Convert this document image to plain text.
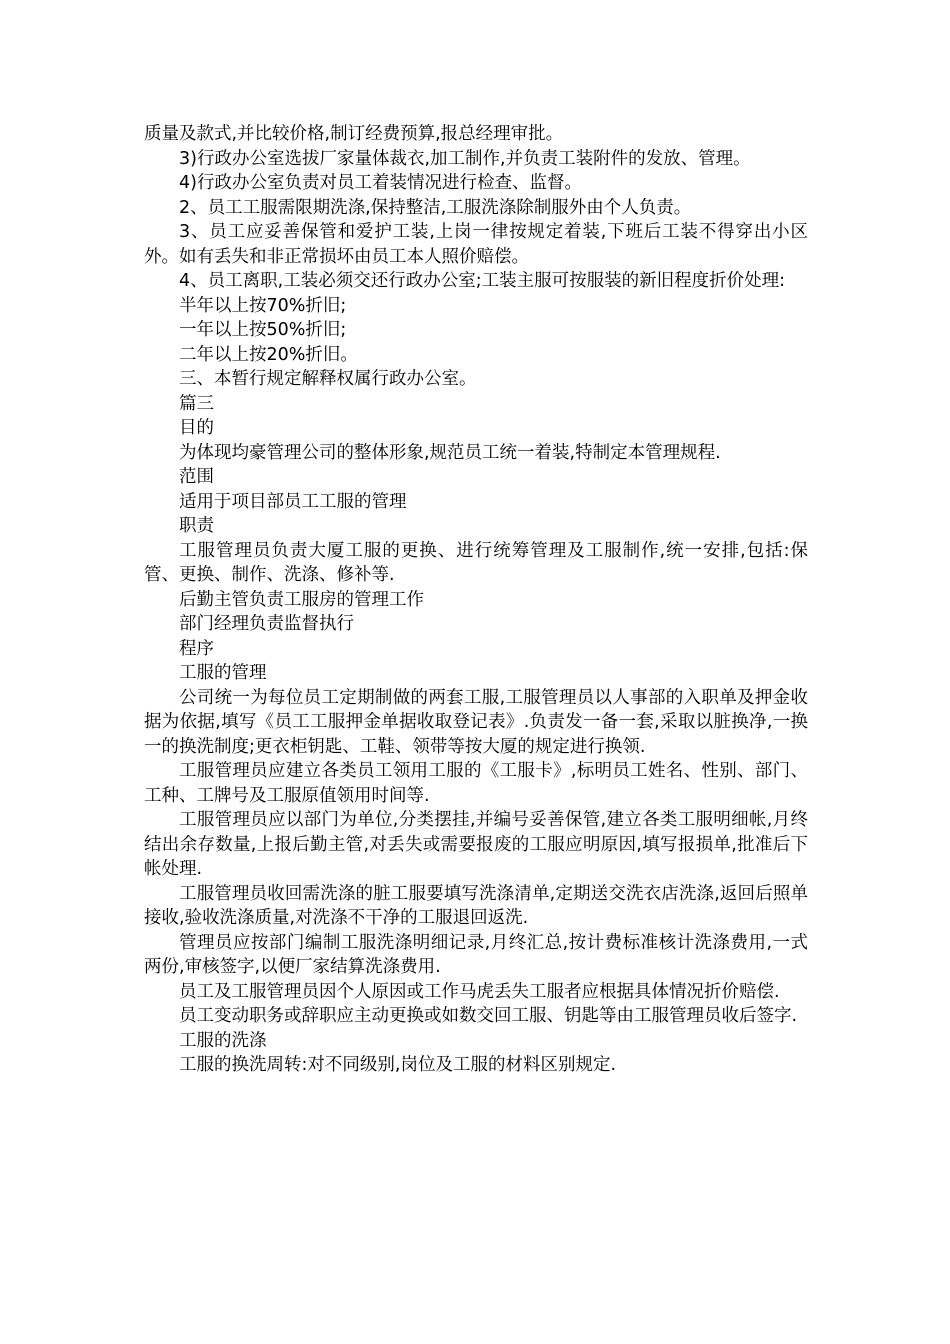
质量及款式,并比较价格,制订经费预算,报总经理审批。

3)行政办公室选拔厂家量体裁衣,加工制作,并负责工装附件的发放、管理。

4)行政办公室负责对员工着装情况进行检查、监督。

2、员工工服需限期洗涤,保持整洁,工服洗涤除制服外由个人负责。

3、员工应妥善保管和爱护工装,上岗一律按规定着装,下班后工装不得穿出小区外。如有丢失和非正常损坏由员工本人照价赔偿。

4、员工离职,工装必须交还行政办公室;工装主服可按服装的新旧程度折价处理:

半年以上按70%折旧;

一年以上按50%折旧;

二年以上按20%折旧。

三、本暂行规定解释权属行政办公室。

篇三

目的

为体现均豪管理公司的整体形象,规范员工统一着装,特制定本管理规程.

范围

适用于项目部员工工服的管理

职责

工服管理员负责大厦工服的更换、进行统筹管理及工服制作,统一安排,包括:保管、更换、制作、洗涤、修补等.

后勤主管负责工服房的管理工作

部门经理负责监督执行

程序

工服的管理

公司统一为每位员工定期制做的两套工服,工服管理员以人事部的入职单及押金收据为依据,填写《员工工服押金单据收取登记表》.负责发一备一套,采取以脏换净,一换一的换洗制度;更衣柜钥匙、工鞋、领带等按大厦的规定进行换领.

工服管理员应建立各类员工领用工服的《工服卡》,标明员工姓名、性别、部门、工种、工牌号及工服原值领用时间等.

工服管理员应以部门为单位,分类摆挂,并编号妥善保管,建立各类工服明细帐,月终结出余存数量,上报后勤主管,对丢失或需要报废的工服应明原因,填写报损单,批准后下帐处理.

工服管理员收回需洗涤的脏工服要填写洗涤清单,定期送交洗衣店洗涤,返回后照单接收,验收洗涤质量,对洗涤不干净的工服退回返洗.

管理员应按部门编制工服洗涤明细记录,月终汇总,按计费标准核计洗涤费用,一式两份,审核签字,以便厂家结算洗涤费用.

员工及工服管理员因个人原因或工作马虎丢失工服者应根据具体情况折价赔偿.

员工变动职务或辞职应主动更换或如数交回工服、钥匙等由工服管理员收后签字.

工服的洗涤

工服的换洗周转:对不同级别,岗位及工服的材料区别规定.
